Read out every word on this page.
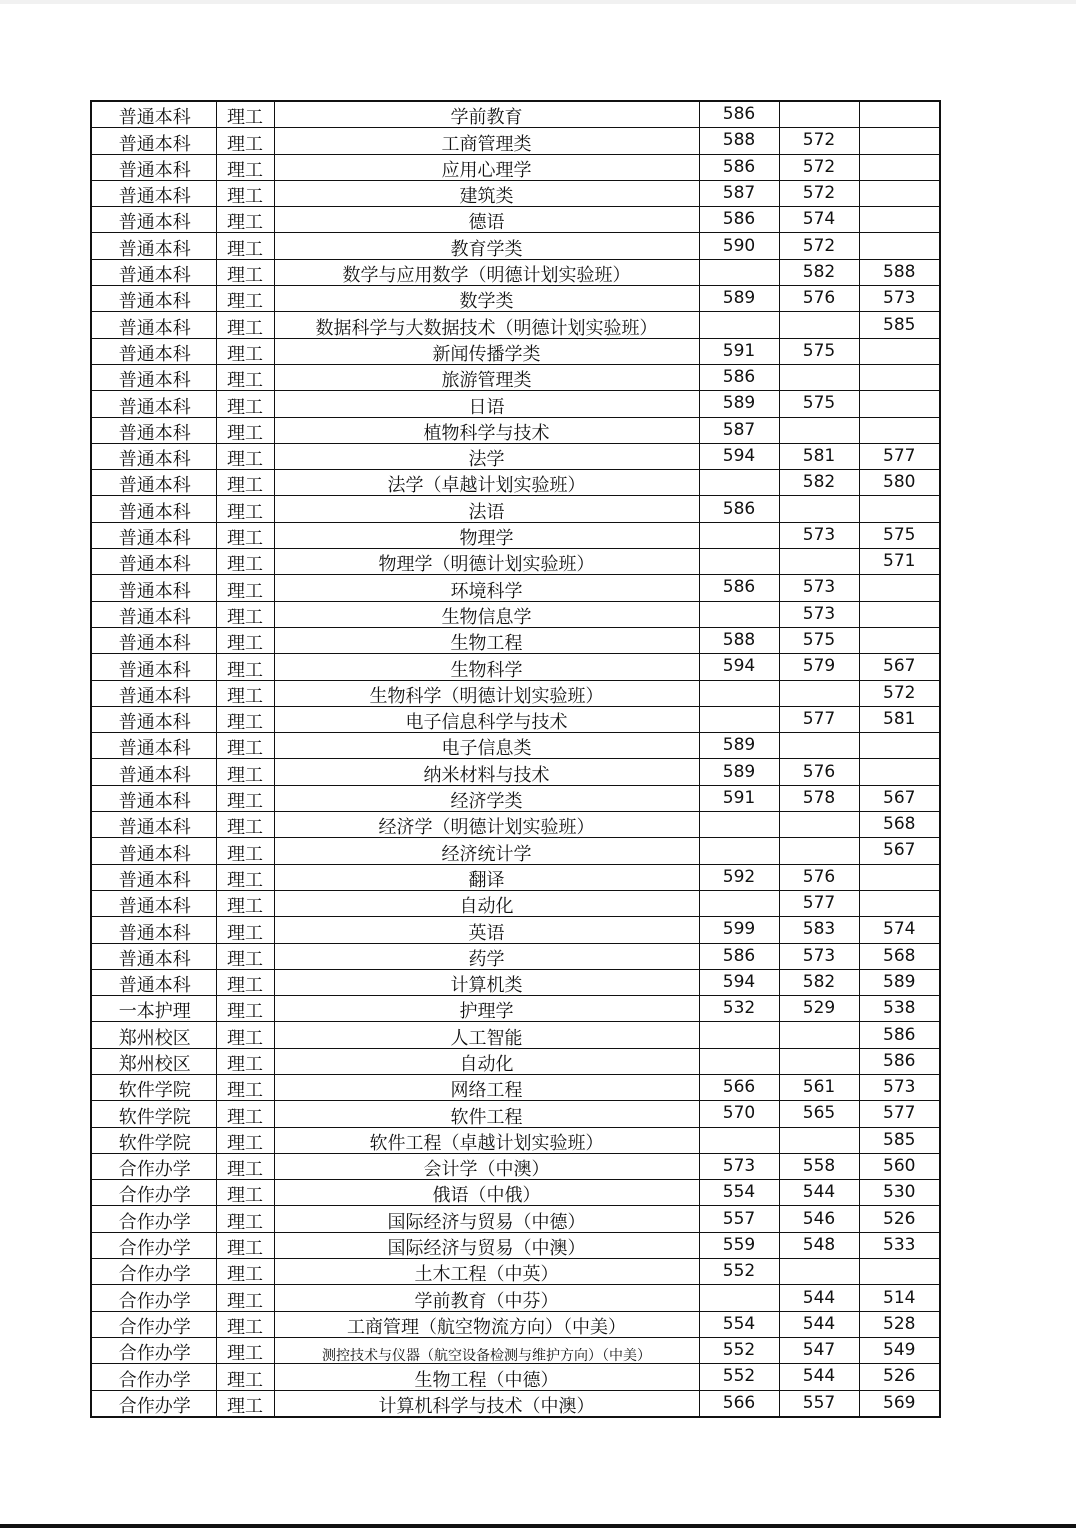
普通本科	理工	学前教育	586		
普通本科	理工	工商管理类	588	572	
普通本科	理工	应用心理学	586	572	
普通本科	理工	建筑类	587	572	
普通本科	理工	德语	586	574	
普通本科	理工	教育学类	590	572	
普通本科	理工	数学与应用数学（明德计划实验班）		582	588
普通本科	理工	数学类	589	576	573
普通本科	理工	数据科学与大数据技术（明德计划实验班）			585
普通本科	理工	新闻传播学类	591	575	
普通本科	理工	旅游管理类	586		
普通本科	理工	日语	589	575	
普通本科	理工	植物科学与技术	587		
普通本科	理工	法学	594	581	577
普通本科	理工	法学（卓越计划实验班）		582	580
普通本科	理工	法语	586		
普通本科	理工	物理学		573	575
普通本科	理工	物理学（明德计划实验班）			571
普通本科	理工	环境科学	586	573	
普通本科	理工	生物信息学		573	
普通本科	理工	生物工程	588	575	
普通本科	理工	生物科学	594	579	567
普通本科	理工	生物科学（明德计划实验班）			572
普通本科	理工	电子信息科学与技术		577	581
普通本科	理工	电子信息类	589		
普通本科	理工	纳米材料与技术	589	576	
普通本科	理工	经济学类	591	578	567
普通本科	理工	经济学（明德计划实验班）			568
普通本科	理工	经济统计学			567
普通本科	理工	翻译	592	576	
普通本科	理工	自动化		577	
普通本科	理工	英语	599	583	574
普通本科	理工	药学	586	573	568
普通本科	理工	计算机类	594	582	589
一本护理	理工	护理学	532	529	538
郑州校区	理工	人工智能			586
郑州校区	理工	自动化			586
软件学院	理工	网络工程	566	561	573
软件学院	理工	软件工程	570	565	577
软件学院	理工	软件工程（卓越计划实验班）			585
合作办学	理工	会计学（中澳）	573	558	560
合作办学	理工	俄语（中俄）	554	544	530
合作办学	理工	国际经济与贸易（中德）	557	546	526
合作办学	理工	国际经济与贸易（中澳）	559	548	533
合作办学	理工	土木工程（中英）	552		
合作办学	理工	学前教育（中芬）		544	514
合作办学	理工	工商管理（航空物流方向）（中美）	554	544	528
合作办学	理工	测控技术与仪器（航空设备检测与维护方向）（中美）	552	547	549
合作办学	理工	生物工程（中德）	552	544	526
合作办学	理工	计算机科学与技术（中澳）	566	557	569
